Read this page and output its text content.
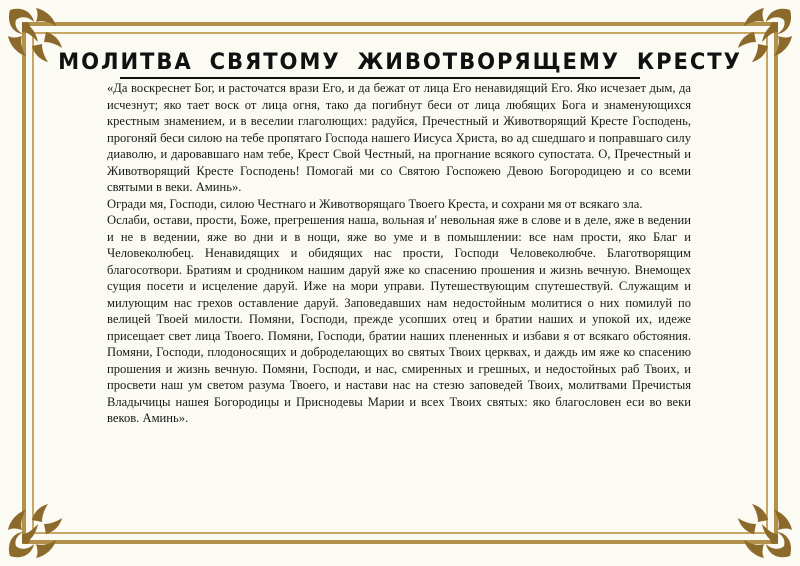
МОЛИТВА СВЯТОМУ ЖИВОТВОРЯЩЕМУ КРЕСТУ

«Да воскреснет Бог, и расточатся врази Его, и да бежат от лица Его ненавидящий Его. Яко исчезает дым, да исчезнут; яко тает воск от лица огня, тако да погибнут беси от лица любящих Бога и знаменующихся крестным знамением, и в веселии глаголющих: радуйся, Пречестный и Животворящий Кресте Господень, прогоняй беси силою на тебе пропятаго Господа нашего Иисуса Христа, во ад сшедшаго и поправшаго силу диаволю, и даровавшаго нам тебе, Крест Свой Честный, на прогнание всякого супостата. О, Пречестный и Животворящий Кресте Господень! Помогай ми со Святою Госпожею Девою Богородицею и со всеми святыми в веки. Аминь».

Огради мя, Господи, силою Честнаго и Животворящаго Твоего Креста, и сохрани мя от всякаго зла.

Ослаби, остави, прости, Боже, прегрешения наша, вольная и' невольная яже в слове и в деле, яже в ведении и не в ведении, яже во дни и в нощи, яже во уме и в помышлении: все нам прости, яко Благ и Человеколюбец. Ненавидящих и обидящих нас прости, Господи Человеколюбче. Благотворящим благосотвори. Братиям и сродником нашим даруй яже ко спасению прошения и жизнь вечную. Внемощех сущия посети и исцеление даруй. Иже на мори управи. Путешествующим спутешествуй. Служащим и милующим нас грехов оставление даруй. Заповедавших нам недостойным молитися о них помилуй по велицей Твоей милости. Помяни, Господи, прежде усопших отец и братии наших и упокой их, идеже присещает свет лица Твоего. Помяни, Господи, братии наших плененных и избави я от всякаго обстояния. Помяни, Господи, плодоносящих и доброделающих во святых Твоих церквах, и даждь им яже ко спасению прошения и жизнь вечную. Помяни, Господи, и нас, смиренных и грешных, и недостойных раб Твоих, и просвети наш ум светом разума Твоего, и настави нас на стезю заповедей Твоих, молитвами Пречистыя Владычицы нашея Богородицы и Приснодевы Марии и всех Твоих святых: яко благословен еси во веки веков. Аминь».
